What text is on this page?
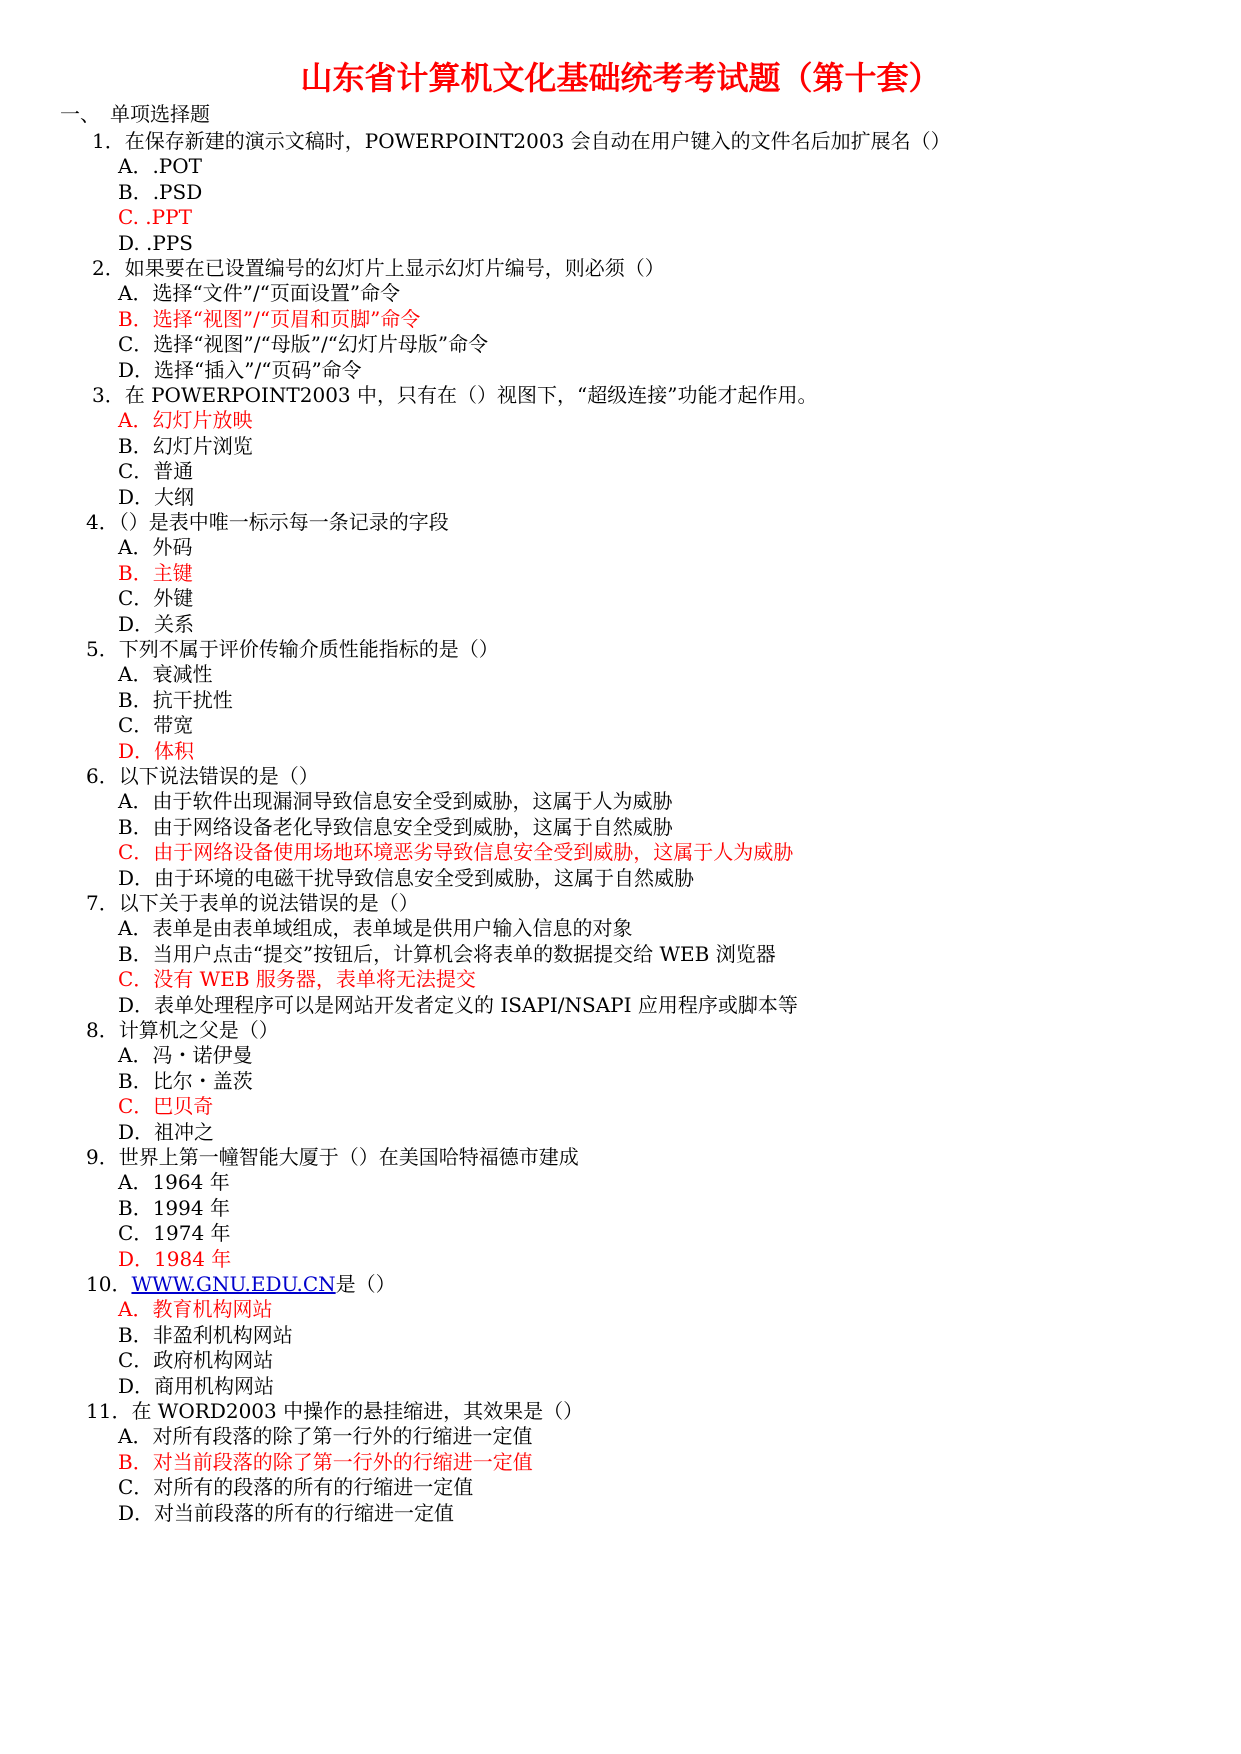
山东省计算机文化基础统考考试题（第十套）
一、　单项选择题
1．在保存新建的演示文稿时，POWERPOINT2003 会自动在用户键入的文件名后加扩展名（）
A．.POT
B．.PSD
C. .PPT
D. .PPS
2．如果要在已设置编号的幻灯片上显示幻灯片编号，则必须（）
A．选择“文件”/“页面设置”命令
B．选择“视图”/“页眉和页脚”命令
C．选择“视图”/“母版”/“幻灯片母版”命令
D．选择“插入”/“页码”命令
3．在 POWERPOINT2003 中，只有在（）视图下，“超级连接”功能才起作用。
A．幻灯片放映
B．幻灯片浏览
C．普通
D．大纲
4．（）是表中唯一标示每一条记录的字段
A．外码
B．主键
C．外键
D．关系
5．下列不属于评价传输介质性能指标的是（）
A．衰减性
B．抗干扰性
C．带宽
D．体积
6．以下说法错误的是（）
A．由于软件出现漏洞导致信息安全受到威胁，这属于人为威胁
B．由于网络设备老化导致信息安全受到威胁，这属于自然威胁
C．由于网络设备使用场地环境恶劣导致信息安全受到威胁，这属于人为威胁
D．由于环境的电磁干扰导致信息安全受到威胁，这属于自然威胁
7．以下关于表单的说法错误的是（）
A．表单是由表单域组成，表单域是供用户输入信息的对象
B．当用户点击“提交”按钮后，计算机会将表单的数据提交给 WEB 浏览器
C．没有 WEB 服务器，表单将无法提交
D．表单处理程序可以是网站开发者定义的 ISAPI/NSAPI 应用程序或脚本等
8．计算机之父是（）
A．冯・诺伊曼
B．比尔・盖茨
C．巴贝奇
D．祖冲之
9．世界上第一幢智能大厦于（）在美国哈特福德市建成
A．1964 年
B．1994 年
C．1974 年
D．1984 年
10．WWW.GNU.EDU.CN是（）
A．教育机构网站
B．非盈利机构网站
C．政府机构网站
D．商用机构网站
11．在 WORD2003 中操作的悬挂缩进，其效果是（）
A．对所有段落的除了第一行外的行缩进一定值
B．对当前段落的除了第一行外的行缩进一定值
C．对所有的段落的所有的行缩进一定值
D．对当前段落的所有的行缩进一定值
